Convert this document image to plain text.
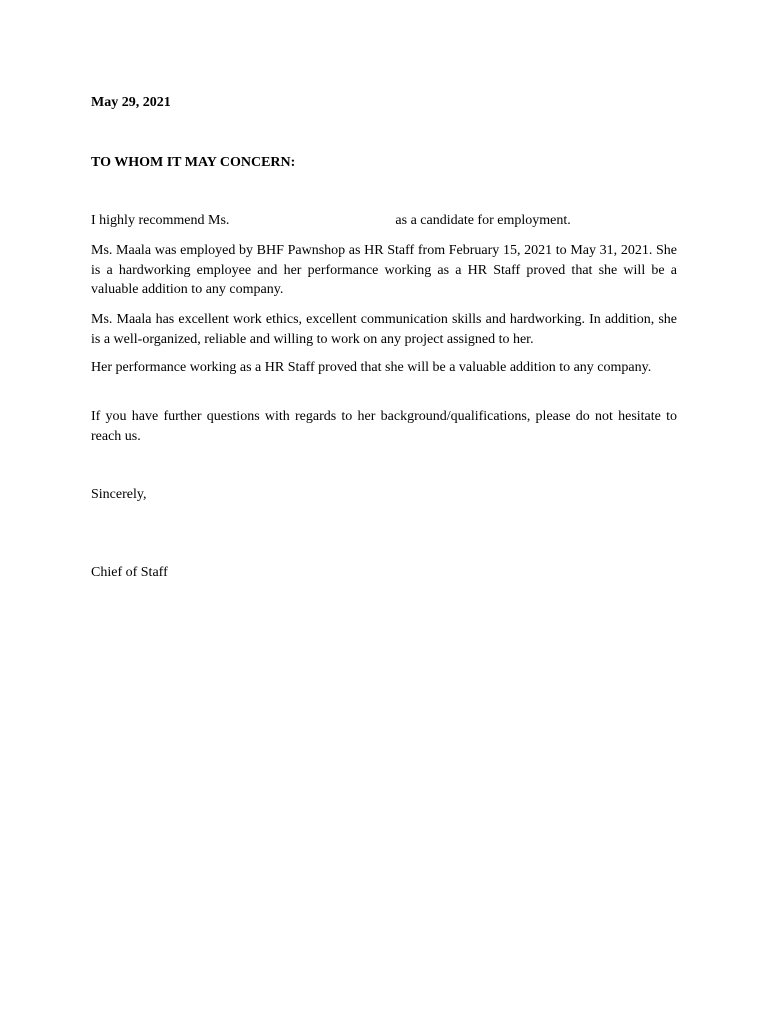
May 29, 2021

TO WHOM IT MAY CONCERN:

I highly recommend Ms.	as a candidate for employment.

Ms. Maala was employed by BHF Pawnshop as HR Staff from February 15, 2021 to May 31, 2021. She is a hardworking employee and her performance working as a HR Staff proved that she will be a valuable addition to any company.

Ms. Maala has excellent work ethics, excellent communication skills and hardworking. In addition, she is a well-organized, reliable and willing to work on any project assigned to her.

Her performance working as a HR Staff proved that she will be a valuable addition to any company.

If you have further questions with regards to her background/qualifications, please do not hesitate to reach us.

Sincerely,

Chief of Staff
